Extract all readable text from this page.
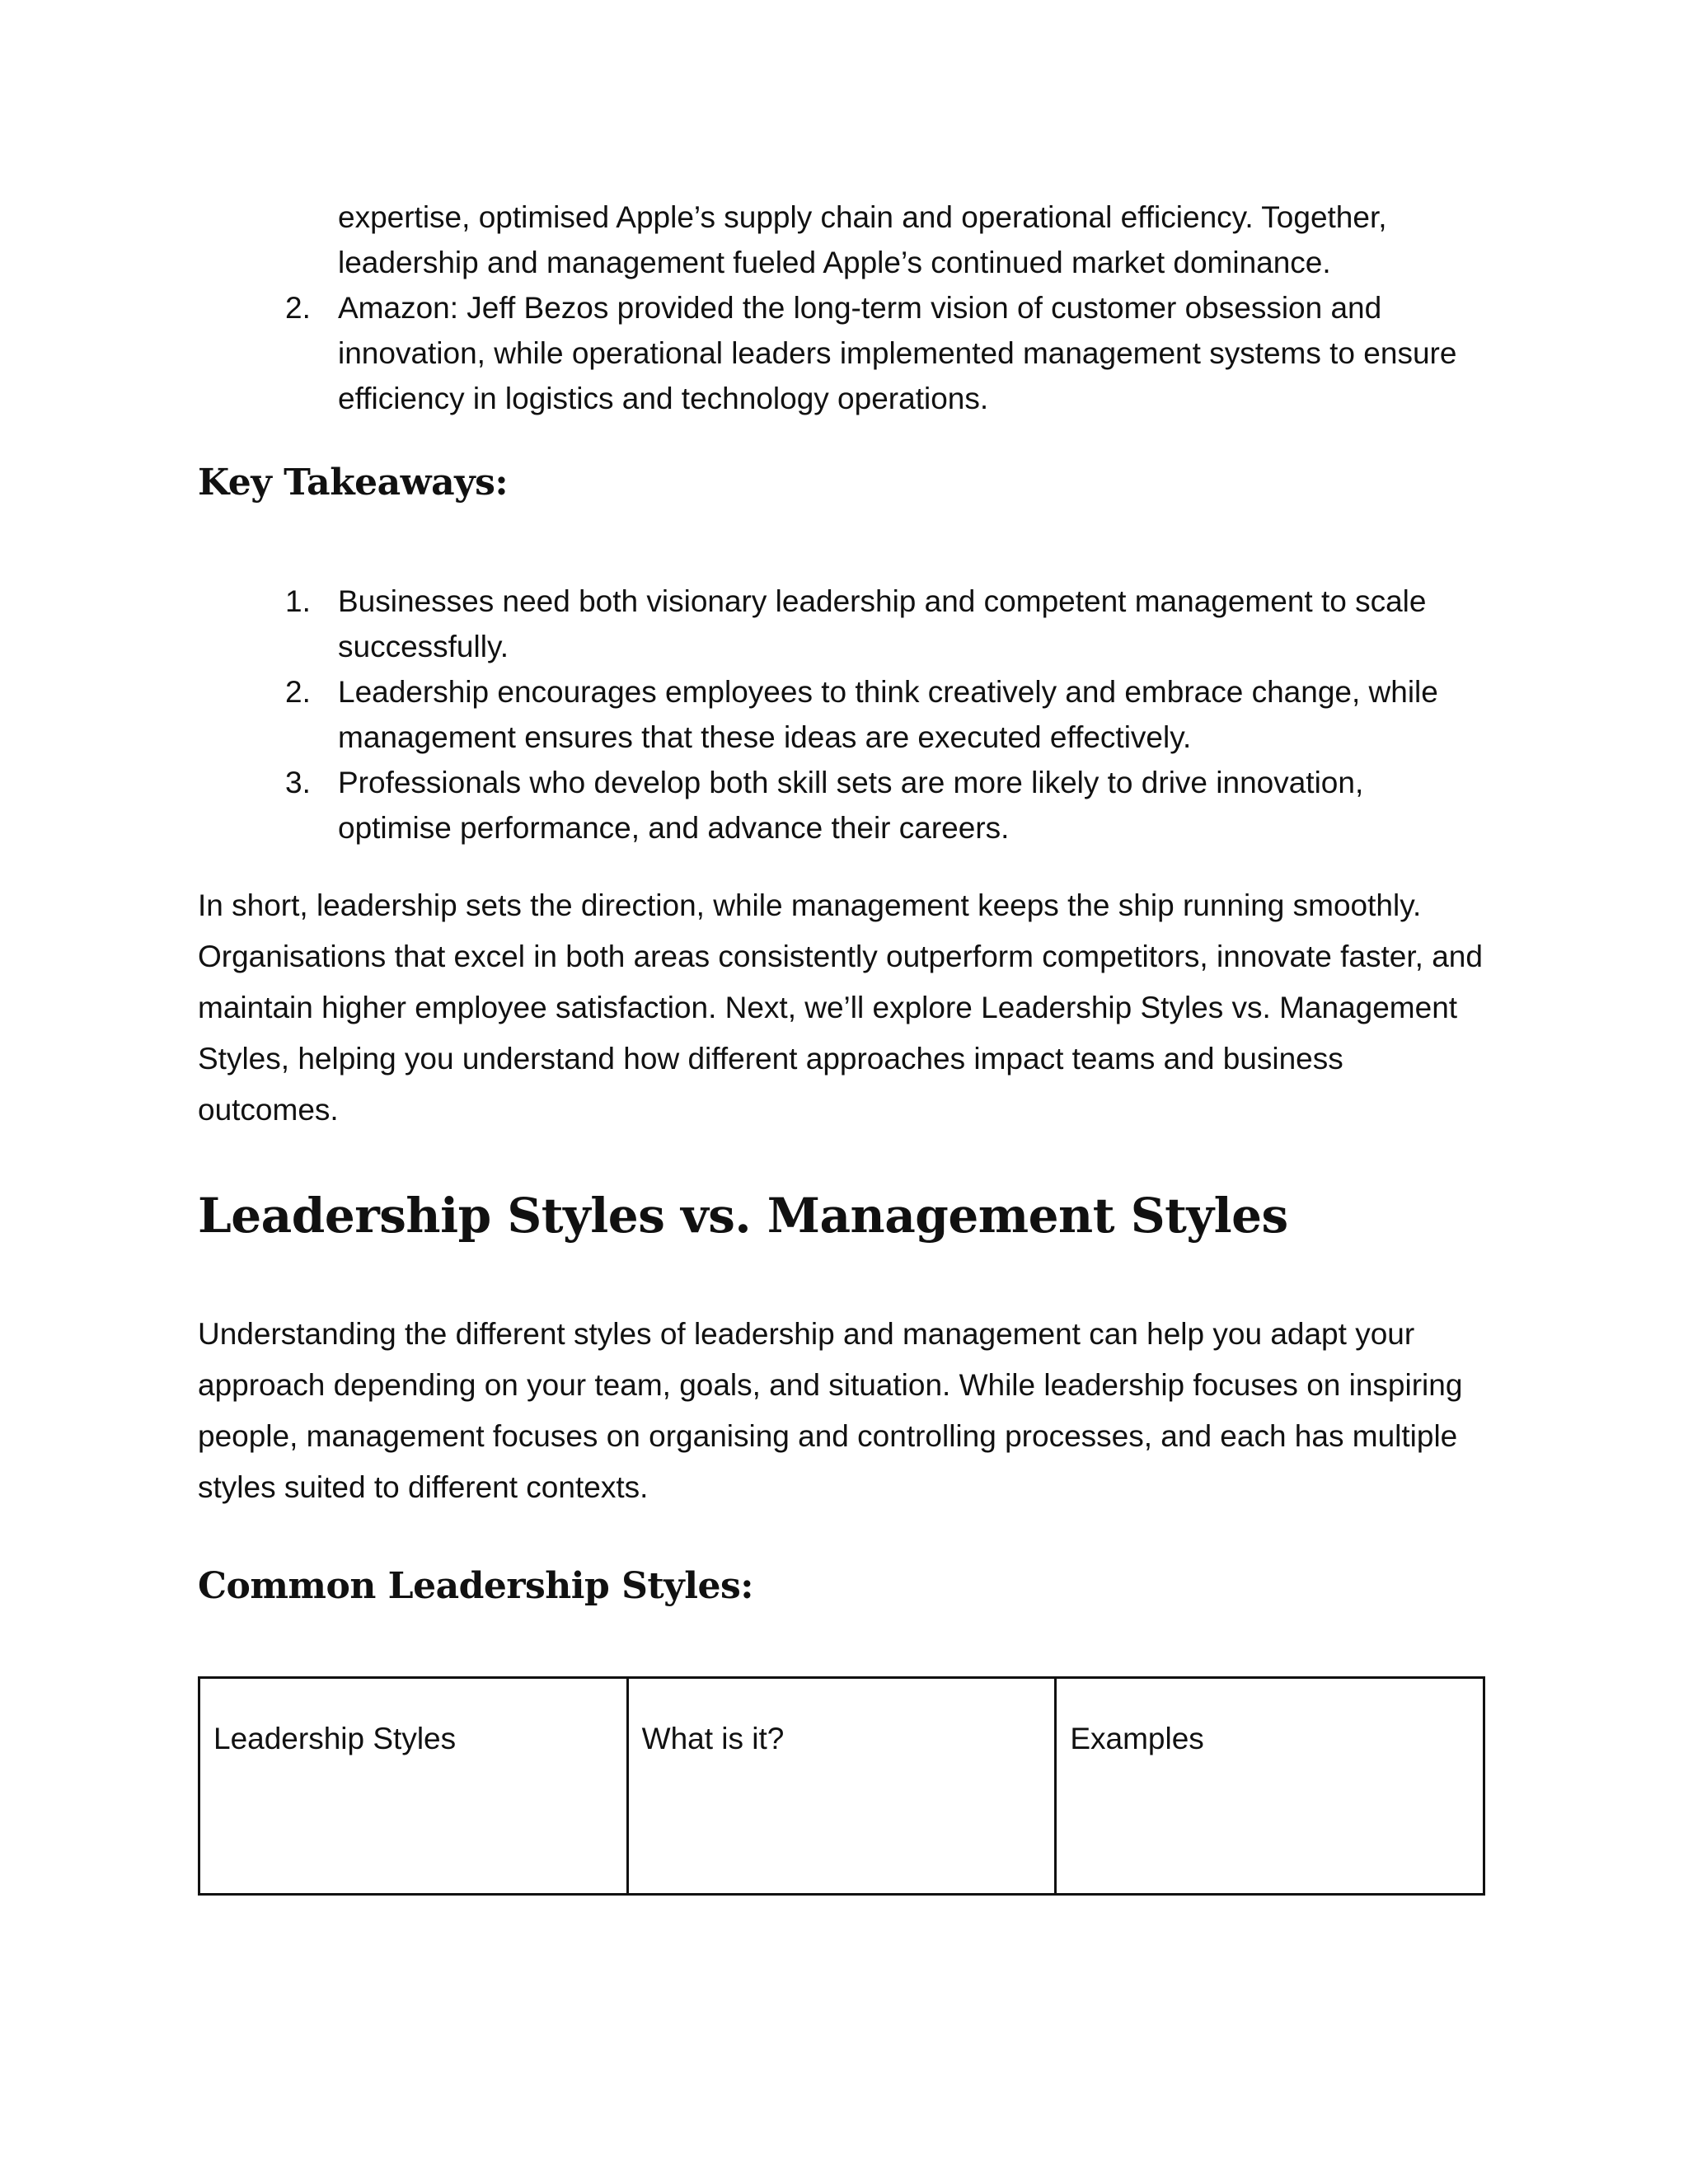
expertise, optimised Apple’s supply chain and operational efficiency. Together, leadership and management fueled Apple’s continued market dominance.
2. Amazon: Jeff Bezos provided the long-term vision of customer obsession and innovation, while operational leaders implemented management systems to ensure efficiency in logistics and technology operations.
Key Takeaways:
1. Businesses need both visionary leadership and competent management to scale successfully.
2. Leadership encourages employees to think creatively and embrace change, while management ensures that these ideas are executed effectively.
3. Professionals who develop both skill sets are more likely to drive innovation, optimise performance, and advance their careers.

In short, leadership sets the direction, while management keeps the ship running smoothly. Organisations that excel in both areas consistently outperform competitors, innovate faster, and maintain higher employee satisfaction. Next, we’ll explore Leadership Styles vs. Management Styles, helping you understand how different approaches impact teams and business outcomes.

Leadership Styles vs. Management Styles

Understanding the different styles of leadership and management can help you adapt your approach depending on your team, goals, and situation. While leadership focuses on inspiring people, management focuses on organising and controlling processes, and each has multiple styles suited to different contexts.

Common Leadership Styles:
Leadership Styles	What is it?	Examples
